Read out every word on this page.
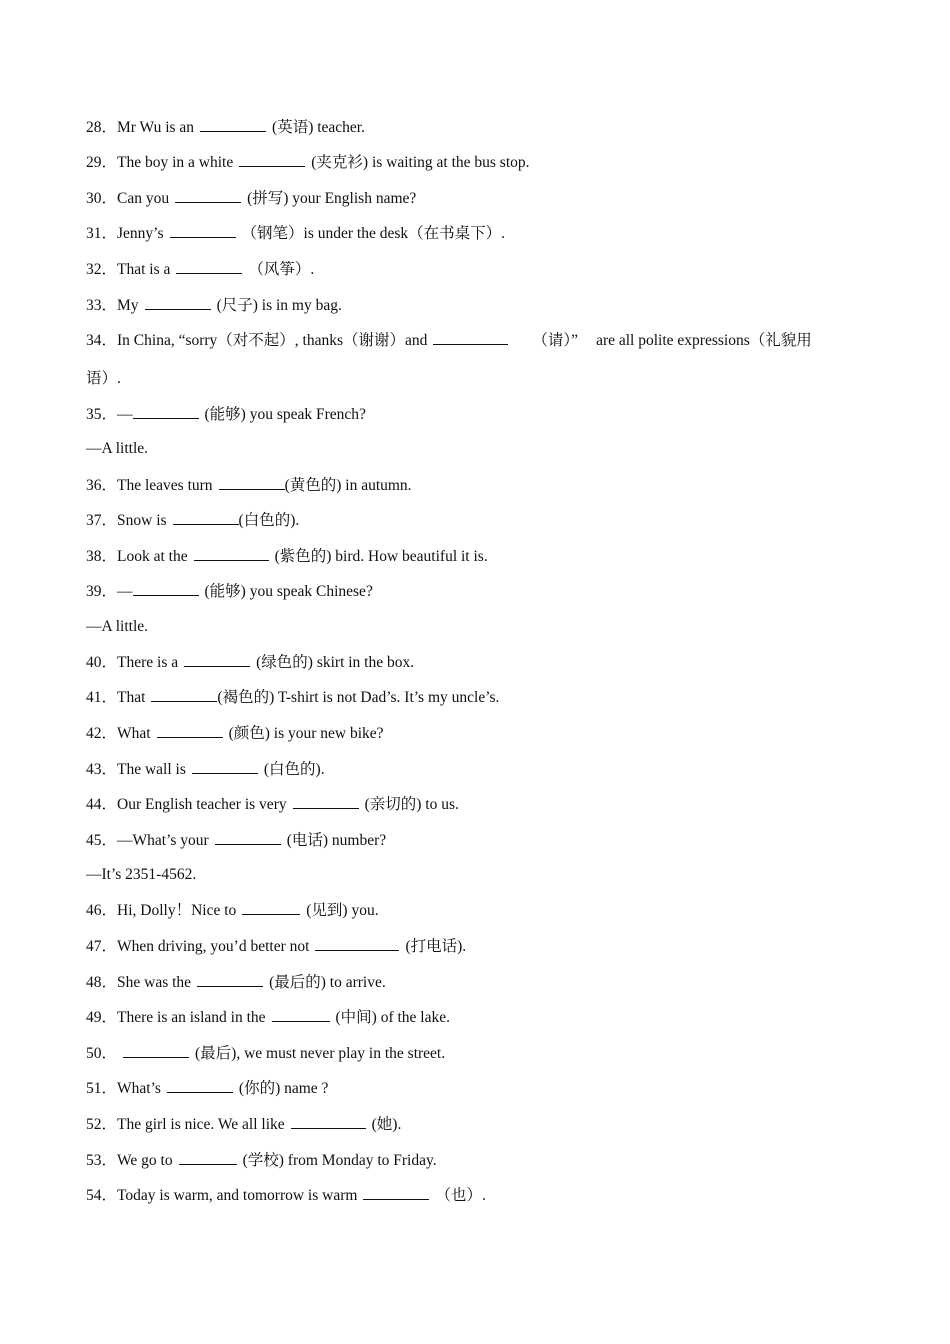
28．Mr Wu is an	(英语) teacher.
29．The boy in a white	(夹克衫) is waiting at the bus stop.
30．Can you	(拼写) your English name?
31．Jenny’s	（钢笔）is under the desk（在书桌下）.
32．That is a	（风筝）.
33．My	(尺子) is in my bag.
34．In China, “sorry（对不起）, thanks（谢谢）and	（请）” are all polite expressions（礼貌用
语）.
35．—	(能够) you speak French?
—A little.
36．The leaves turn	(黄色的) in autumn.
37．Snow is	(白色的).
38．Look at the	(紫色的) bird. How beautiful it is.
39．—	(能够) you speak Chinese?
—A little.
40．There is a	(绿色的) skirt in the box.
41．That	(褐色的) T-shirt is not Dad’s. It’s my uncle’s.
42．What	(颜色) is your new bike?
43．The wall is	(白色的).
44．Our English teacher is very	(亲切的) to us.
45．—What’s your	(电话) number?
—It’s 2351-4562.
46．Hi, Dolly！Nice to	(见到) you.
47．When driving, you’d better not	(打电话).
48．She was the	(最后的) to arrive.
49．There is an island in the	(中间) of the lake.
50．	(最后), we must never play in the street.
51．What’s	(你的) name ?
52．The girl is nice. We all like	(她).
53．We go to	(学校) from Monday to Friday.
54．Today is warm, and tomorrow is warm	（也）.
